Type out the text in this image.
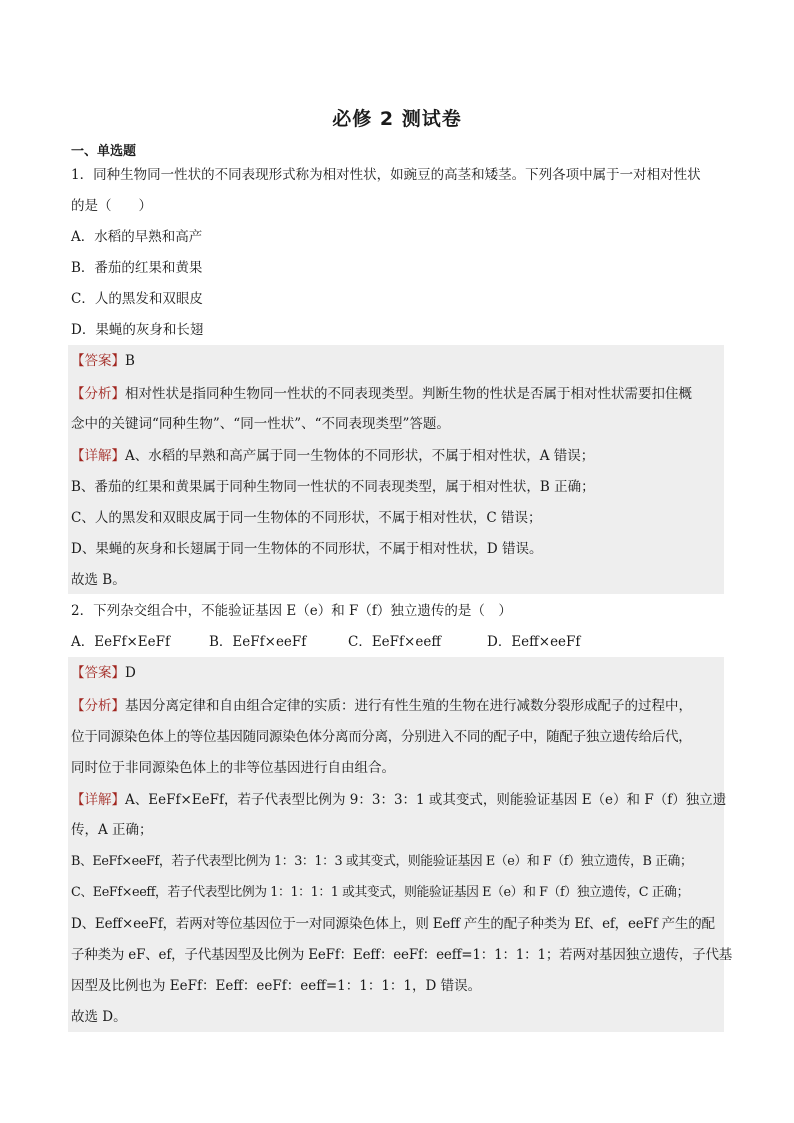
必修 2 测试卷
一、单选题
1．同种生物同一性状的不同表现形式称为相对性状，如豌豆的高茎和矮茎。下列各项中属于一对相对性状
的是（　　）
A．水稻的早熟和高产
B．番茄的红果和黄果
C．人的黑发和双眼皮
D．果蝇的灰身和长翅
【答案】B
【分析】相对性状是指同种生物同一性状的不同表现类型。判断生物的性状是否属于相对性状需要扣住概
念中的关键词“同种生物”、“同一性状”、“不同表现类型”答题。
【详解】A、水稻的早熟和高产属于同一生物体的不同形状，不属于相对性状，A 错误；
B、番茄的红果和黄果属于同种生物同一性状的不同表现类型，属于相对性状，B 正确；
C、人的黑发和双眼皮属于同一生物体的不同形状，不属于相对性状，C 错误；
D、果蝇的灰身和长翅属于同一生物体的不同形状，不属于相对性状，D 错误。
故选 B。
2．下列杂交组合中，不能验证基因 E（e）和 F（f）独立遗传的是（　）
A．EeFf×EeFf	B．EeFf×eeFf	C．EeFf×eeff	D．Eeff×eeFf
【答案】D
【分析】基因分离定律和自由组合定律的实质：进行有性生殖的生物在进行减数分裂形成配子的过程中，
位于同源染色体上的等位基因随同源染色体分离而分离，分别进入不同的配子中，随配子独立遗传给后代，
同时位于非同源染色体上的非等位基因进行自由组合。
【详解】A、EeFf×EeFf，若子代表型比例为 9：3：3：1 或其变式，则能验证基因 E（e）和 F（f）独立遗
传，A 正确；
B、EeFf×eeFf，若子代表型比例为 1：3：1：3 或其变式，则能验证基因 E（e）和 F（f）独立遗传，B 正确；
C、EeFf×eeff，若子代表型比例为 1：1：1：1 或其变式，则能验证基因 E（e）和 F（f）独立遗传，C 正确；
D、Eeff×eeFf，若两对等位基因位于一对同源染色体上，则 Eeff 产生的配子种类为 Ef、ef，eeFf 产生的配
子种类为 eF、ef，子代基因型及比例为 EeFf：Eeff：eeFf：eeff=1：1：1：1；若两对基因独立遗传，子代基
因型及比例也为 EeFf：Eeff：eeFf：eeff=1：1：1：1，D 错误。
故选 D。
